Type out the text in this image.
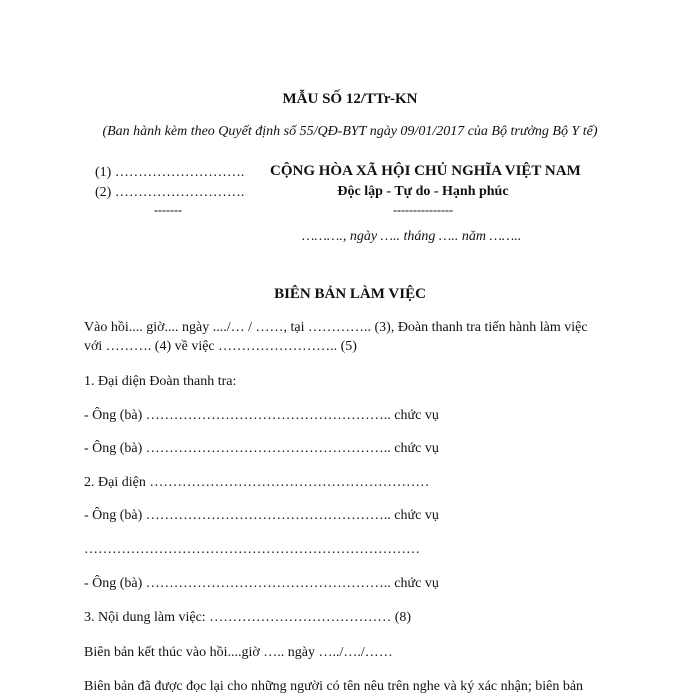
MẪU SỐ 12/TTr-KN
(Ban hành kèm theo Quyết định số 55/QĐ-BYT ngày 09/01/2017 của Bộ trưởng Bộ Y tế)
(1) ……………………….
(2) ……………………….
-------
CỘNG HÒA XÃ HỘI CHỦ NGHĨA VIỆT NAM
Độc lập - Tự do - Hạnh phúc
---------------
………., ngày ….. tháng ….. năm ……..
BIÊN BẢN LÀM VIỆC
Vào hồi.... giờ.... ngày ..../… / ……, tại ………….. (3), Đoàn thanh tra tiến hành làm việc
với ………. (4) về việc …………………….. (5)
1. Đại diện Đoàn thanh tra:
- Ông (bà) …………………………………………….. chức vụ
- Ông (bà) …………………………………………….. chức vụ
2. Đại diện ……………………………………………………
- Ông (bà) …………………………………………….. chức vụ
………………………………………………………………
- Ông (bà) …………………………………………….. chức vụ
3. Nội dung làm việc: ………………………………… (8)
Biên bản kết thúc vào hồi....giờ ….. ngày …../…./……
Biên bản đã được đọc lại cho những người có tên nêu trên nghe và ký xác nhận; biên bản
